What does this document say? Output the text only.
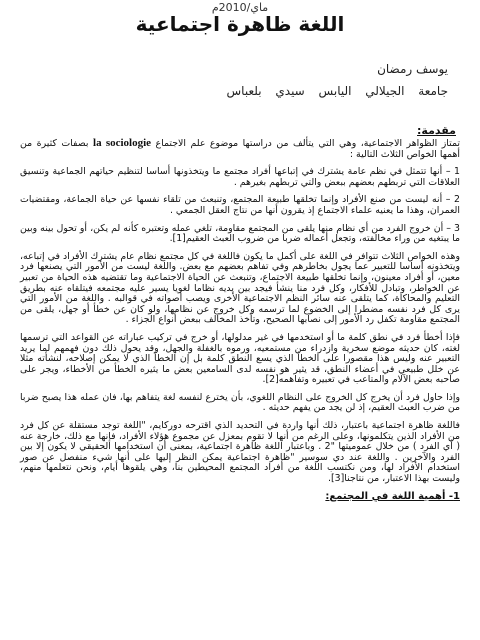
ماي/2010م
اللغة ظاهرة اجتماعية
يوسف رمضان
جامعة الجيلالي اليابس سيدي بلعباس
مقدمة:

تمتاز الظواهر الاجتماعية، وهي التي يتألف من دراستها موضوع علم الاجتماع la sociologie بصفات كثيرة من أهمها الخواص الثلاث التالية :

1 – أنها تتمثل في نظم عامة يشترك في إتباعها أفراد مجتمع ما ويتخذونها أساسا لتنظيم حياتهم الجماعية وتنسيق العلاقات التي تربطهم بعضهم ببعض والتي تربطهم بغيرهم .

2 – أنه ليست من صنع الأفراد وإنما تخلقها طبيعة المجتمع، وتنبعث من تلقاء نفسها عن حياة الجماعة، ومقتضيات العمران، وهذا ما يعنيه علماء الاجتماع إذ يقرون أنها من نتاج العقل الجمعي .

3 – أن خروج الفرد من أي نظام منها يلقى من المجتمع مقاومة، تلغي عمله وتعتبره كأنه لم يكن، أو تحول بينه وبين ما يبتغيه من وراء مخالفته، وتجعل أعماله ضربا من ضروب العبث العقيم[1].

وهذه الخواص الثلاث تتوافر في اللغة على أكمل ما يكون فاللغة في كل مجتمع نظام عام يشترك الأفراد في إتباعه، ويتخذونه أساسا للتعبير عما يجول بخاطرهم وفي تفاهم بعضهم مع بعض. واللغة ليست من الأمور التي يصنعها فرد معين، أو أفراد معينون، وإنما تخلقها طبيعة الاجتماع، وتنبعث عن الحياة الاجتماعية وما تقتضيه هذه الحياة من تعبير عن الخواطر، وتبادل للأفكار، وكل فرد منا ينشأ فيجد بين يديه نظاما لغويا يسير عليه مجتمعه فيتلقاه عنه بطريق التعليم والمحاكاة، كما يتلقى عنه سائر النظم الاجتماعية الأخرى ويصب أصواته في قوالبه . واللغة من الأمور التي يرى كل فرد نفسه مضطرا إلى الخضوع لما ترسمه وكل خروج عن نظامها، ولو كان عن خطأ أو جهل، يلقى من المجتمع مقاومة تكفل رد الأمور إلى نصابها الصحيح، وتأخذ المخالف ببعض أنواع الجزاء .

فإذا أخطأ فرد في نطق كلمة ما أو استخدمها في غير مدلولها، أو خرج في تركيب عباراته عن القواعد التي ترسمها لغته، كان حديثه موضع سخرية وازدراء من مستمعيه، ورموه بالغفلة والجهل، وقد يحول ذلك دون فهمهم لما يريد التعبير عنه وليس هذا مقصورا على الخطأ الذي يسع النطق كلمة بل إن الخطأ الذي لا يمكن إصلاحه، لنشأته مثلا عن خلل طبيعي في أعضاء النطق، قد يثير هو نفسه لدى السامعين بعض ما يثيره الخطأ من الأخطاء، ويجر على صاحبه بعض الآلام والمتاعب في تعبيره وتفاهمه[2].

وإذا حاول فرد أن يخرج كل الخروج على النظام اللغوي، بأن يخترع لنفسه لغة يتفاهم بها، فان عمله هذا يصبح ضربا من ضرب العبث العقيم، إذ لن يجد من يفهم حديثه .

فاللغة ظاهرة اجتماعية باعتبار، ذلك أنها واردة في التحديد الذي اقترحه دوركايم، "اللغة توجد مستقلة عن كل فرد من الأفراد الذين يتكلمونها، وعلى الرغم من أنها لا تقوم بمعزل عن مجموع هؤلاء الأفراد، فإنها مع ذلك، خارجة عنه ( أي الفرد ) من خلال عموميتها "2 . وباعتبار اللغة ظاهرة اجتماعية، بمعنى أن استخدامها الحقيقي لا يكون إلا بين الفرد والآخرين . واللغة عند دي سوسير "ظاهرة اجتماعية يمكن النظر إليها على أنها شيء منفصل عن صور استخدام الأفراد لها، ومن نكتسب اللغة من أفراد المجتمع المحيطين بنا، وهي يلقوها أيام، ونحن نتعلمها منهم، وليست بهذا الاعتبار، من نتاجنا[3].

1- أهمية اللغة في المجتمع:
